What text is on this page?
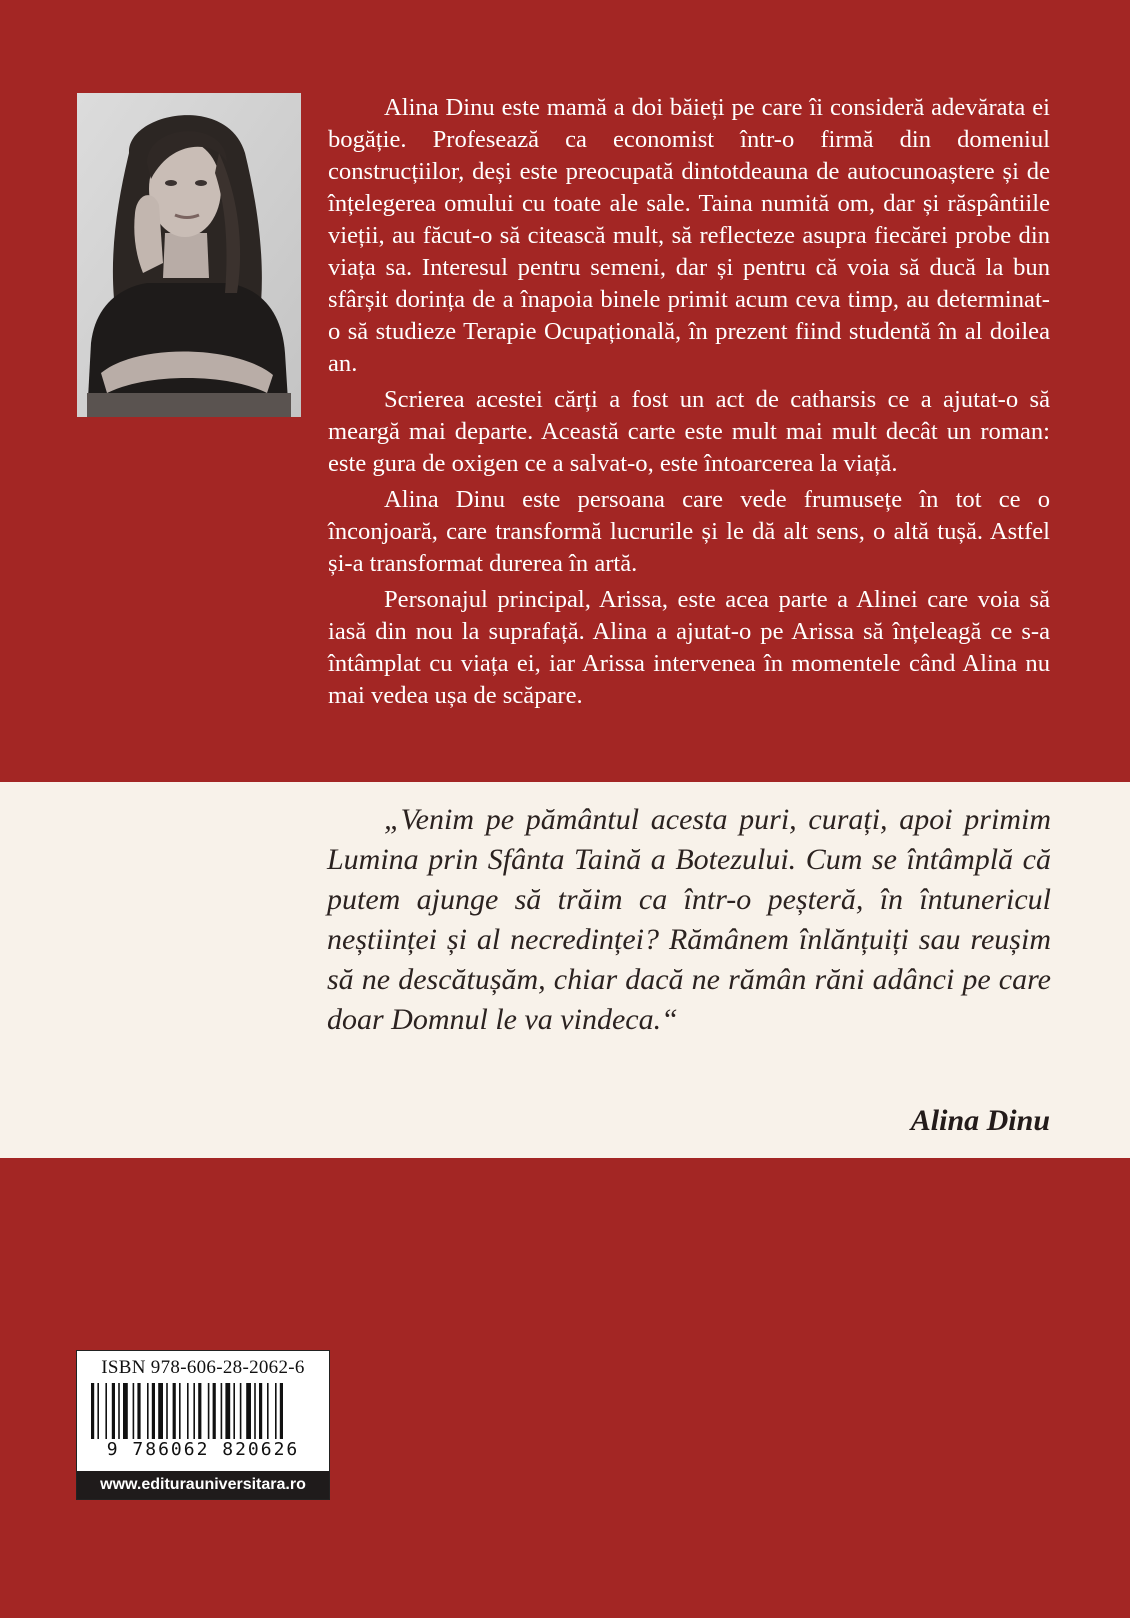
Alina Dinu este mamă a doi băieți pe care îi consideră adevărata ei bogăție. Profesează ca economist într-o firmă din domeniul construcțiilor, deși este preocupată dintotdeauna de autocunoaștere și de înțelegerea omului cu toate ale sale. Taina numită om, dar și răspântiile vieții, au făcut-o să citească mult, să reflecteze asupra fiecărei probe din viața sa. Interesul pentru semeni, dar și pentru că voia să ducă la bun sfârșit dorința de a înapoia binele primit acum ceva timp, au determinat-o să studieze Terapie Ocupațională, în prezent fiind studentă în al doilea an.

Scrierea acestei cărți a fost un act de catharsis ce a ajutat-o să meargă mai departe. Această carte este mult mai mult decât un roman: este gura de oxigen ce a salvat-o, este întoarcerea la viață.

Alina Dinu este persoana care vede frumusețe în tot ce o înconjoară, care transformă lucrurile și le dă alt sens, o altă tușă. Astfel și-a transformat durerea în artă.

Personajul principal, Arissa, este acea parte a Alinei care voia să iasă din nou la suprafață. Alina a ajutat-o pe Arissa să înțeleagă ce s-a întâmplat cu viața ei, iar Arissa intervenea în momentele când Alina nu mai vedea ușa de scăpare.

„Venim pe pământul acesta puri, curați, apoi primim Lumina prin Sfânta Taină a Botezului. Cum se întâmplă că putem ajunge să trăim ca într-o peșteră, în întunericul neștiinței și al necredinței? Rămânem înlănțuiți sau reușim să ne descătușăm, chiar dacă ne rămân răni adânci pe care doar Domnul le va vindeca.“

Alina Dinu
ISBN 978-606-28-2062-6
9 786062 820626
www.editurauniversitara.ro
